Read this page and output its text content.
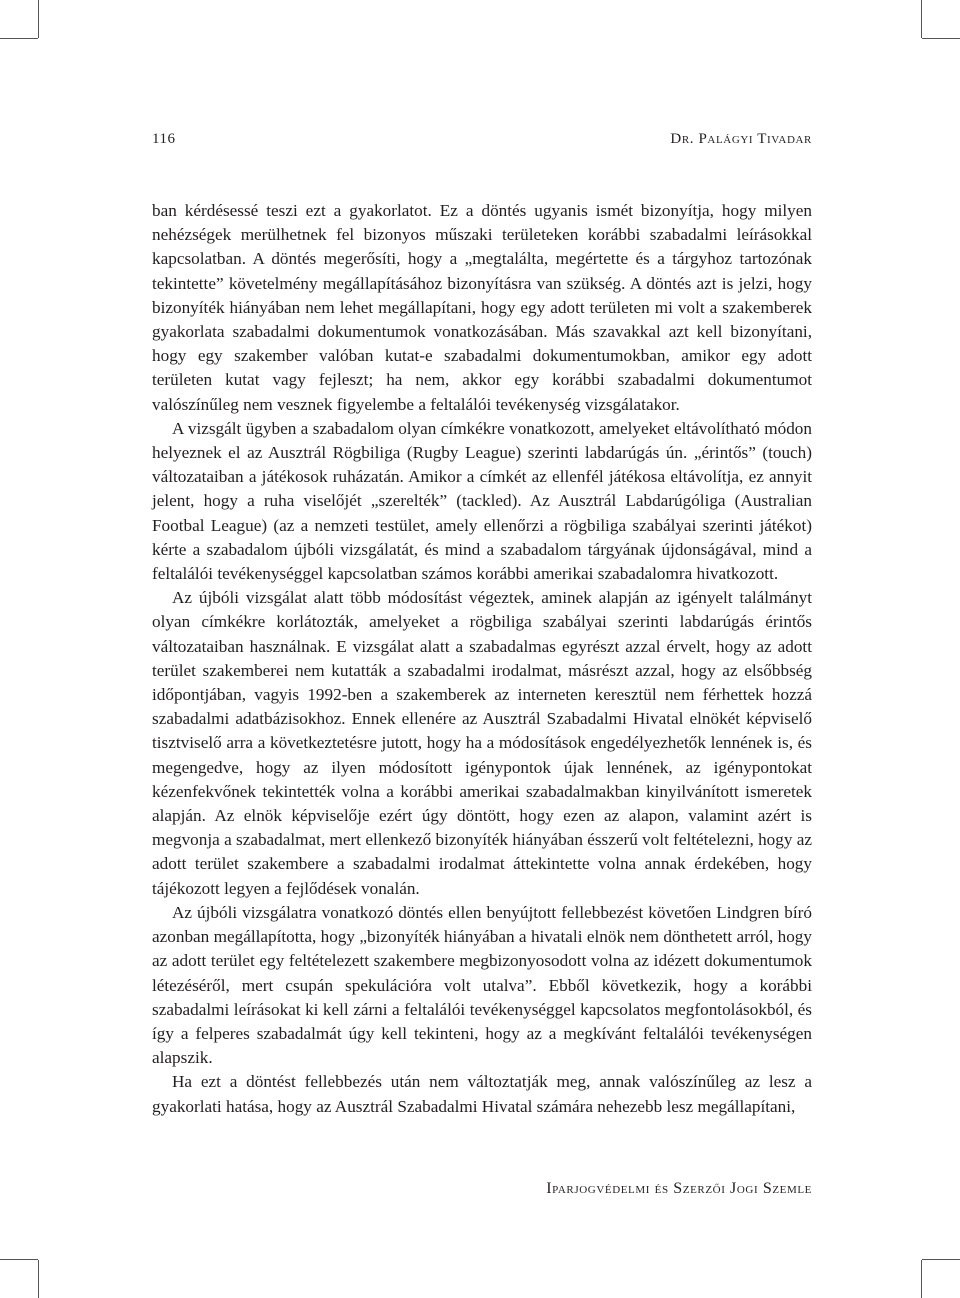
116	Dr. Palágyi Tivadar

ban kérdésessé teszi ezt a gyakorlatot. Ez a döntés ugyanis ismét bizonyítja, hogy milyen nehézségek merülhetnek fel bizonyos műszaki területeken korábbi szabadalmi leírásokkal kapcsolatban. A döntés megerősíti, hogy a „megtalálta, megértette és a tárgyhoz tartozónak tekintette” követelmény megállapításához bizonyításra van szükség. A döntés azt is jelzi, hogy bizonyíték hiányában nem lehet megállapítani, hogy egy adott területen mi volt a szakemberek gyakorlata szabadalmi dokumentumok vonatkozásában. Más szavakkal azt kell bizonyítani, hogy egy szakember valóban kutat-e szabadalmi dokumentumokban, amikor egy adott területen kutat vagy fejleszt; ha nem, akkor egy korábbi szabadalmi dokumentumot valószínűleg nem vesznek figyelembe a feltalálói tevékenység vizsgálatakor.

A vizsgált ügyben a szabadalom olyan címkékre vonatkozott, amelyeket eltávolítható módon helyeznek el az Ausztrál Rögbiliga (Rugby League) szerinti labdarúgás ún. „érintős” (touch) változataiban a játékosok ruházatán. Amikor a címkét az ellenfél játékosa eltávolítja, ez annyit jelent, hogy a ruha viselőjét „szerelték” (tackled). Az Ausztrál Labdarúgóliga (Australian Footbal League) (az a nemzeti testület, amely ellenőrzi a rögbiliga szabályai szerinti játékot) kérte a szabadalom újbóli vizsgálatát, és mind a szabadalom tárgyának újdonságával, mind a feltalálói tevékenységgel kapcsolatban számos korábbi amerikai szabadalomra hivatkozott.

Az újbóli vizsgálat alatt több módosítást végeztek, aminek alapján az igényelt találmányt olyan címkékre korlátozták, amelyeket a rögbiliga szabályai szerinti labdarúgás érintős változataiban használnak. E vizsgálat alatt a szabadalmas egyrészt azzal érvelt, hogy az adott terület szakemberei nem kutatták a szabadalmi irodalmat, másrészt azzal, hogy az elsőbbség időpontjában, vagyis 1992-ben a szakemberek az interneten keresztül nem férhettek hozzá szabadalmi adatbázisokhoz. Ennek ellenére az Ausztrál Szabadalmi Hivatal elnökét képviselő tisztviselő arra a következtetésre jutott, hogy ha a módosítások engedélyezhetők lennének is, és megengedve, hogy az ilyen módosított igénypontok újak lennének, az igénypontokat kézenfekvőnek tekintették volna a korábbi amerikai szabadalmakban kinyilvánított ismeretek alapján. Az elnök képviselője ezért úgy döntött, hogy ezen az alapon, valamint azért is megvonja a szabadalmat, mert ellenkező bizonyíték hiányában ésszerű volt feltételezni, hogy az adott terület szakembere a szabadalmi irodalmat áttekintette volna annak érdekében, hogy tájékozott legyen a fejlődések vonalán.

Az újbóli vizsgálatra vonatkozó döntés ellen benyújtott fellebbezést követően Lindgren bíró azonban megállapította, hogy „bizonyíték hiányában a hivatali elnök nem dönthetett arról, hogy az adott terület egy feltételezett szakembere megbizonyosodott volna az idézett dokumentumok létezéséről, mert csupán spekulációra volt utalva”. Ebből következik, hogy a korábbi szabadalmi leírásokat ki kell zárni a feltalálói tevékenységgel kapcsolatos megfontolásokból, és így a felperes szabadalmát úgy kell tekinteni, hogy az a megkívánt feltalálói tevékenységen alapszik.

Ha ezt a döntést fellebbezés után nem változtatják meg, annak valószínűleg az lesz a gyakorlati hatása, hogy az Ausztrál Szabadalmi Hivatal számára nehezebb lesz megállapítani,

Iparjogvédelmi és Szerzői Jogi Szemle
